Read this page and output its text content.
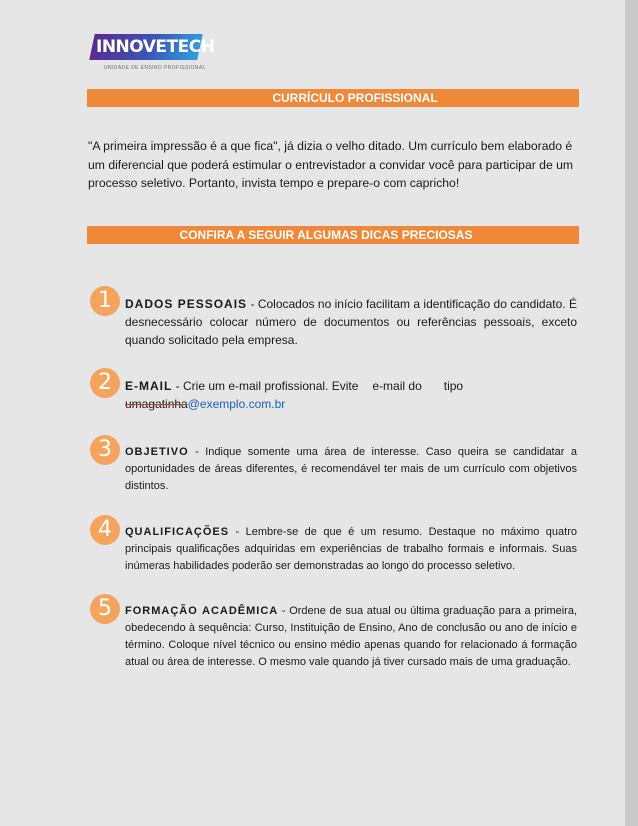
INNOVETECH
UNIDADE DE ENSINO PROFISSIONAL
CURRÍCULO PROFISSIONAL
"A primeira impressão é a que fica", já dizia o velho ditado. Um currículo bem elaborado é um diferencial que poderá estimular o entrevistador a convidar você para participar de um processo seletivo. Portanto, invista tempo e prepare-o com capricho!
CONFIRA A SEGUIR ALGUMAS DICAS PRECIOSAS
1	DADOS PESSOAIS - Colocados no início facilitam a identificação do candidato. É desnecessário colocar número de documentos ou referências pessoais, exceto quando solicitado pela empresa.
2	E-MAIL - Crie um e-mail profissional. Evite e-mail do tipo
umagatinha@exemplo.com.br
3	OBJETIVO - Indique somente uma área de interesse. Caso queira se candidatar a oportunidades de áreas diferentes, é recomendável ter mais de um currículo com objetivos distintos.
4	QUALIFICAÇÕES - Lembre-se de que é um resumo. Destaque no máximo quatro principais qualificações adquiridas em experiências de trabalho formais e informais. Suas inúmeras habilidades poderão ser demonstradas ao longo do processo seletivo.
5	FORMAÇÃO ACADÊMICA - Ordene de sua atual ou última graduação para a primeira, obedecendo à sequência: Curso, Instituição de Ensino, Ano de conclusão ou ano de início e término. Coloque nível técnico ou ensino médio apenas quando for relacionado á formação atual ou área de interesse. O mesmo vale quando já tiver cursado mais de uma graduação.
